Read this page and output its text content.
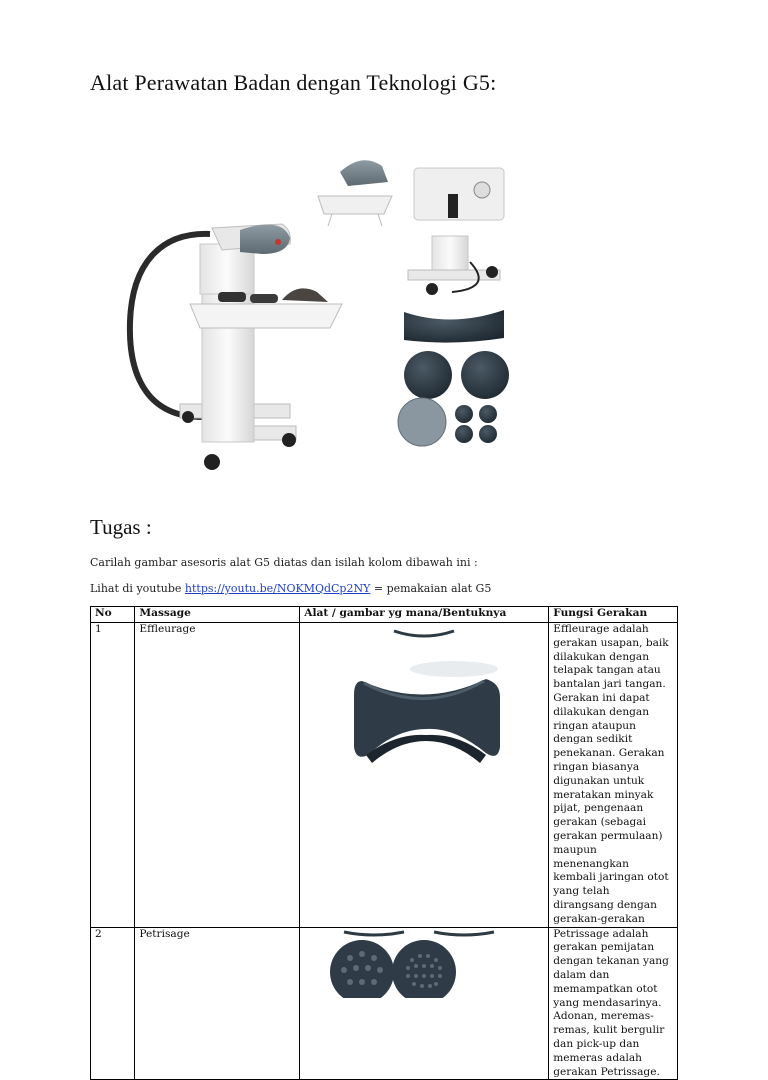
Alat Perawatan Badan dengan Teknologi G5:
Tugas :

Carilah gambar asesoris alat G5 diatas dan isilah kolom dibawah ini :

Lihat di youtube https://youtu.be/NOKMQdCp2NY = pemakaian alat G5

No	Massage	Alat / gambar yg mana/Bentuknya	Fungsi Gerakan
1	Effleurage		Effleurage adalah gerakan usapan, baik dilakukan dengan telapak tangan atau bantalan jari tangan. Gerakan ini dapat dilakukan dengan ringan ataupun dengan sedikit penekanan. Gerakan ringan biasanya digunakan untuk meratakan minyak pijat, pengenaan gerakan (sebagai gerakan permulaan) maupun menenangkan kembali jaringan otot yang telah dirangsang dengan gerakan-gerakan

2	Petrisage		Petrissage adalah gerakan pemijatan dengan tekanan yang dalam dan memampatkan otot yang mendasarinya. Adonan, meremas-remas, kulit bergulir dan pick-up dan memeras adalah gerakan Petrissage.
